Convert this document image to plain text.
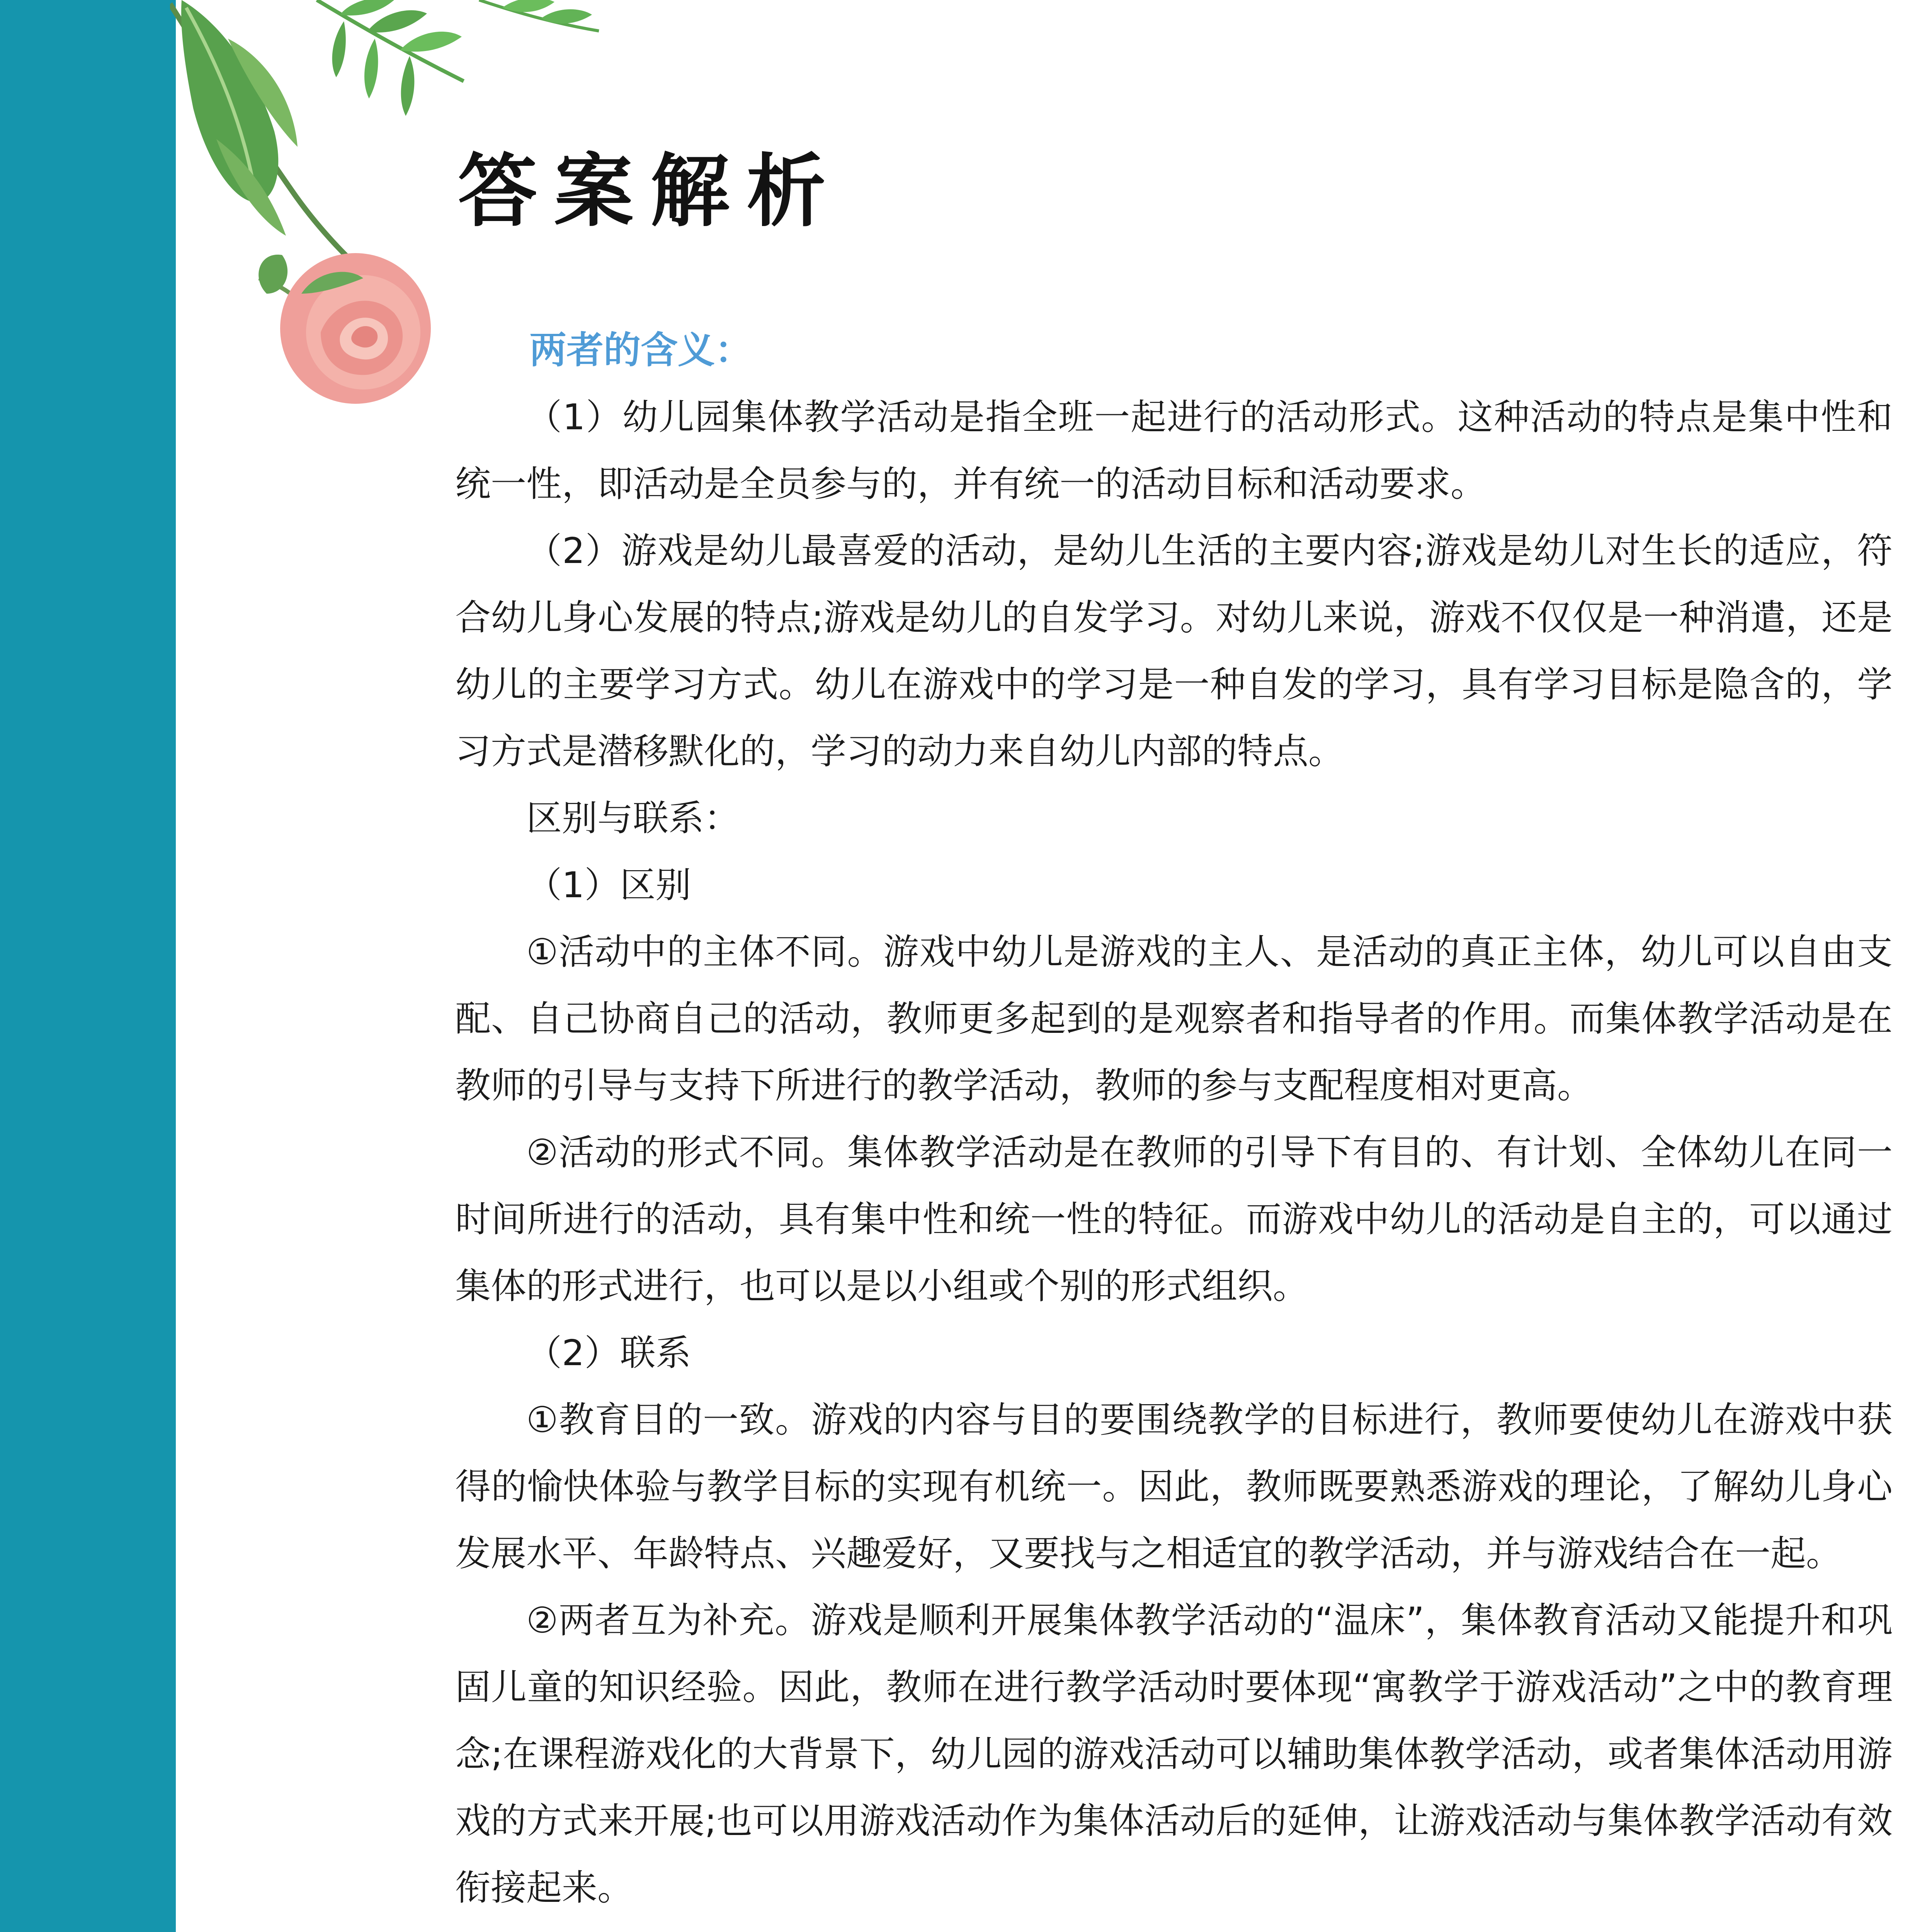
答案解析

两者的含义：

（1）幼儿园集体教学活动是指全班一起进行的活动形式。这种活动的特点是集中性和统一性，即活动是全员参与的，并有统一的活动目标和活动要求。

（2）游戏是幼儿最喜爱的活动，是幼儿生活的主要内容;游戏是幼儿对生长的适应，符合幼儿身心发展的特点;游戏是幼儿的自发学习。对幼儿来说，游戏不仅仅是一种消遣，还是幼儿的主要学习方式。幼儿在游戏中的学习是一种自发的学习，具有学习目标是隐含的，学习方式是潜移默化的，学习的动力来自幼儿内部的特点。

区别与联系：

（1）区别

①活动中的主体不同。游戏中幼儿是游戏的主人、是活动的真正主体，幼儿可以自由支配、自己协商自己的活动，教师更多起到的是观察者和指导者的作用。而集体教学活动是在教师的引导与支持下所进行的教学活动，教师的参与支配程度相对更高。

②活动的形式不同。集体教学活动是在教师的引导下有目的、有计划、全体幼儿在同一时间所进行的活动，具有集中性和统一性的特征。而游戏中幼儿的活动是自主的，可以通过集体的形式进行，也可以是以小组或个别的形式组织。

（2）联系

①教育目的一致。游戏的内容与目的要围绕教学的目标进行，教师要使幼儿在游戏中获得的愉快体验与教学目标的实现有机统一。因此，教师既要熟悉游戏的理论，了解幼儿身心发展水平、年龄特点、兴趣爱好，又要找与之相适宜的教学活动，并与游戏结合在一起。

②两者互为补充。游戏是顺利开展集体教学活动的“温床”，集体教育活动又能提升和巩固儿童的知识经验。因此，教师在进行教学活动时要体现“寓教学于游戏活动”之中的教育理念;在课程游戏化的大背景下，幼儿园的游戏活动可以辅助集体教学活动，或者集体活动用游戏的方式来开展;也可以用游戏活动作为集体活动后的延伸，让游戏活动与集体教学活动有效衔接起来。
